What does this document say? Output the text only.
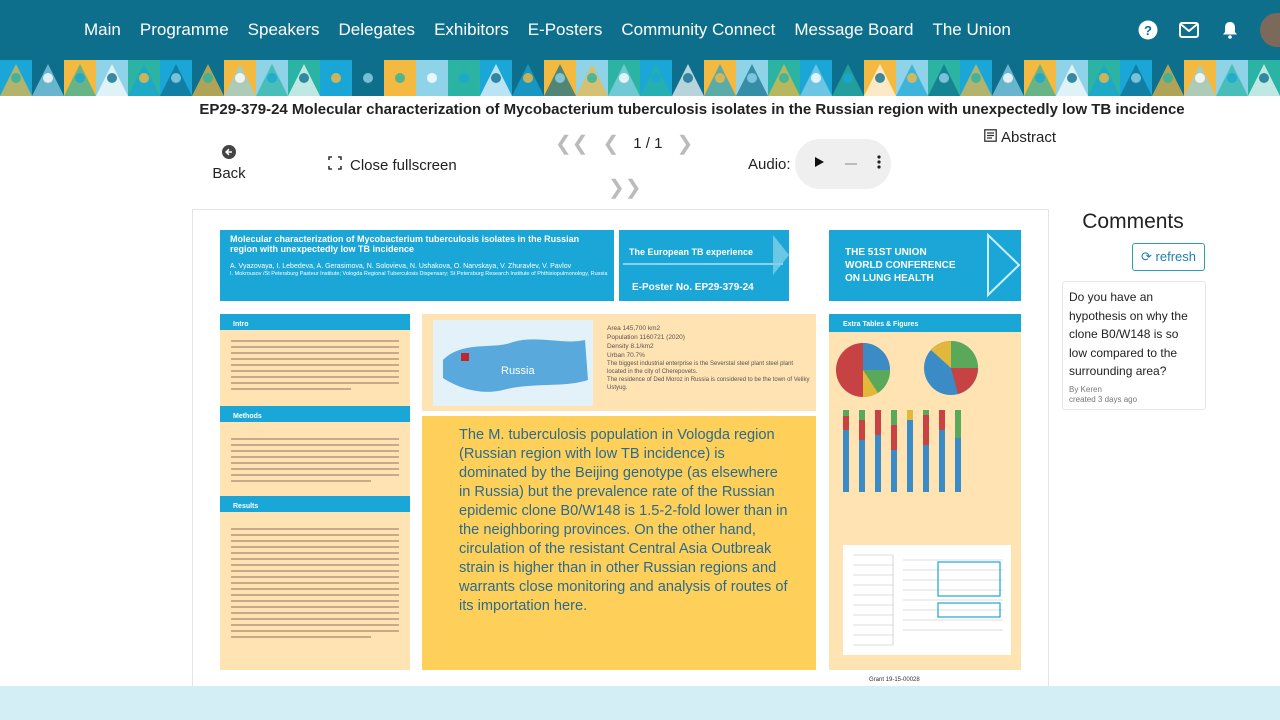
Main Programme Speakers Delegates Exhibitors E-Posters Community Connect Message Board The Union	?
EP29-379-24 Molecular characterization of Mycobacterium tuberculosis isolates in the Russian region with unexpectedly low TB incidence
Back	Close fullscreen
❮❮ ❮ 1 / 1 ❯
❯❯
Audio:
Abstract
Molecular characterization of Mycobacterium tuberculosis isolates in the Russian region with unexpectedly low TB incidence
A. Vyazovaya, I. Lebedeva, A. Gerasimova, N. Solovieva, N. Ushakova, O. Narvskaya, V. Zhuravlev, V. Pavlov
I. Mokrousov /St Petersburg Pasteur Institute; Vologda Regional Tuberculosis Dispensary; St Petersburg Research Institute of Phthisiopulmonology, Russia
The European TB experience
E-Poster No. EP29-379-24
THE 51ST UNION
WORLD CONFERENCE
ON LUNG HEALTH
Intro
Methods
Results
Russia
Area 145,700 km2
Population 1160721 (2020)
Density 8.1/km2
Urban 70.7%
The biggest industrial enterprise is the Severstal steel plant steel plant located in the city of Cherepovets.
The residence of Ded Moroz in Russia is considered to be the town of Veliky Ustyug.
The M. tuberculosis population in Vologda region (Russian region with low TB incidence) is dominated by the Beijing genotype (as elsewhere in Russia) but the prevalence rate of the Russian epidemic clone B0/W148 is 1.5-2-fold lower than in the neighboring provinces. On the other hand, circulation of the resistant Central Asia Outbreak strain is higher than in other Russian regions and warrants close monitoring and analysis of routes of its importation here.
Extra Tables & Figures
Grant 19-15-00028
Comments
⟳ refresh
Do you have an hypothesis on why the clone B0/W148 is so low compared to the surrounding area?
By Keren
created 3 days ago
